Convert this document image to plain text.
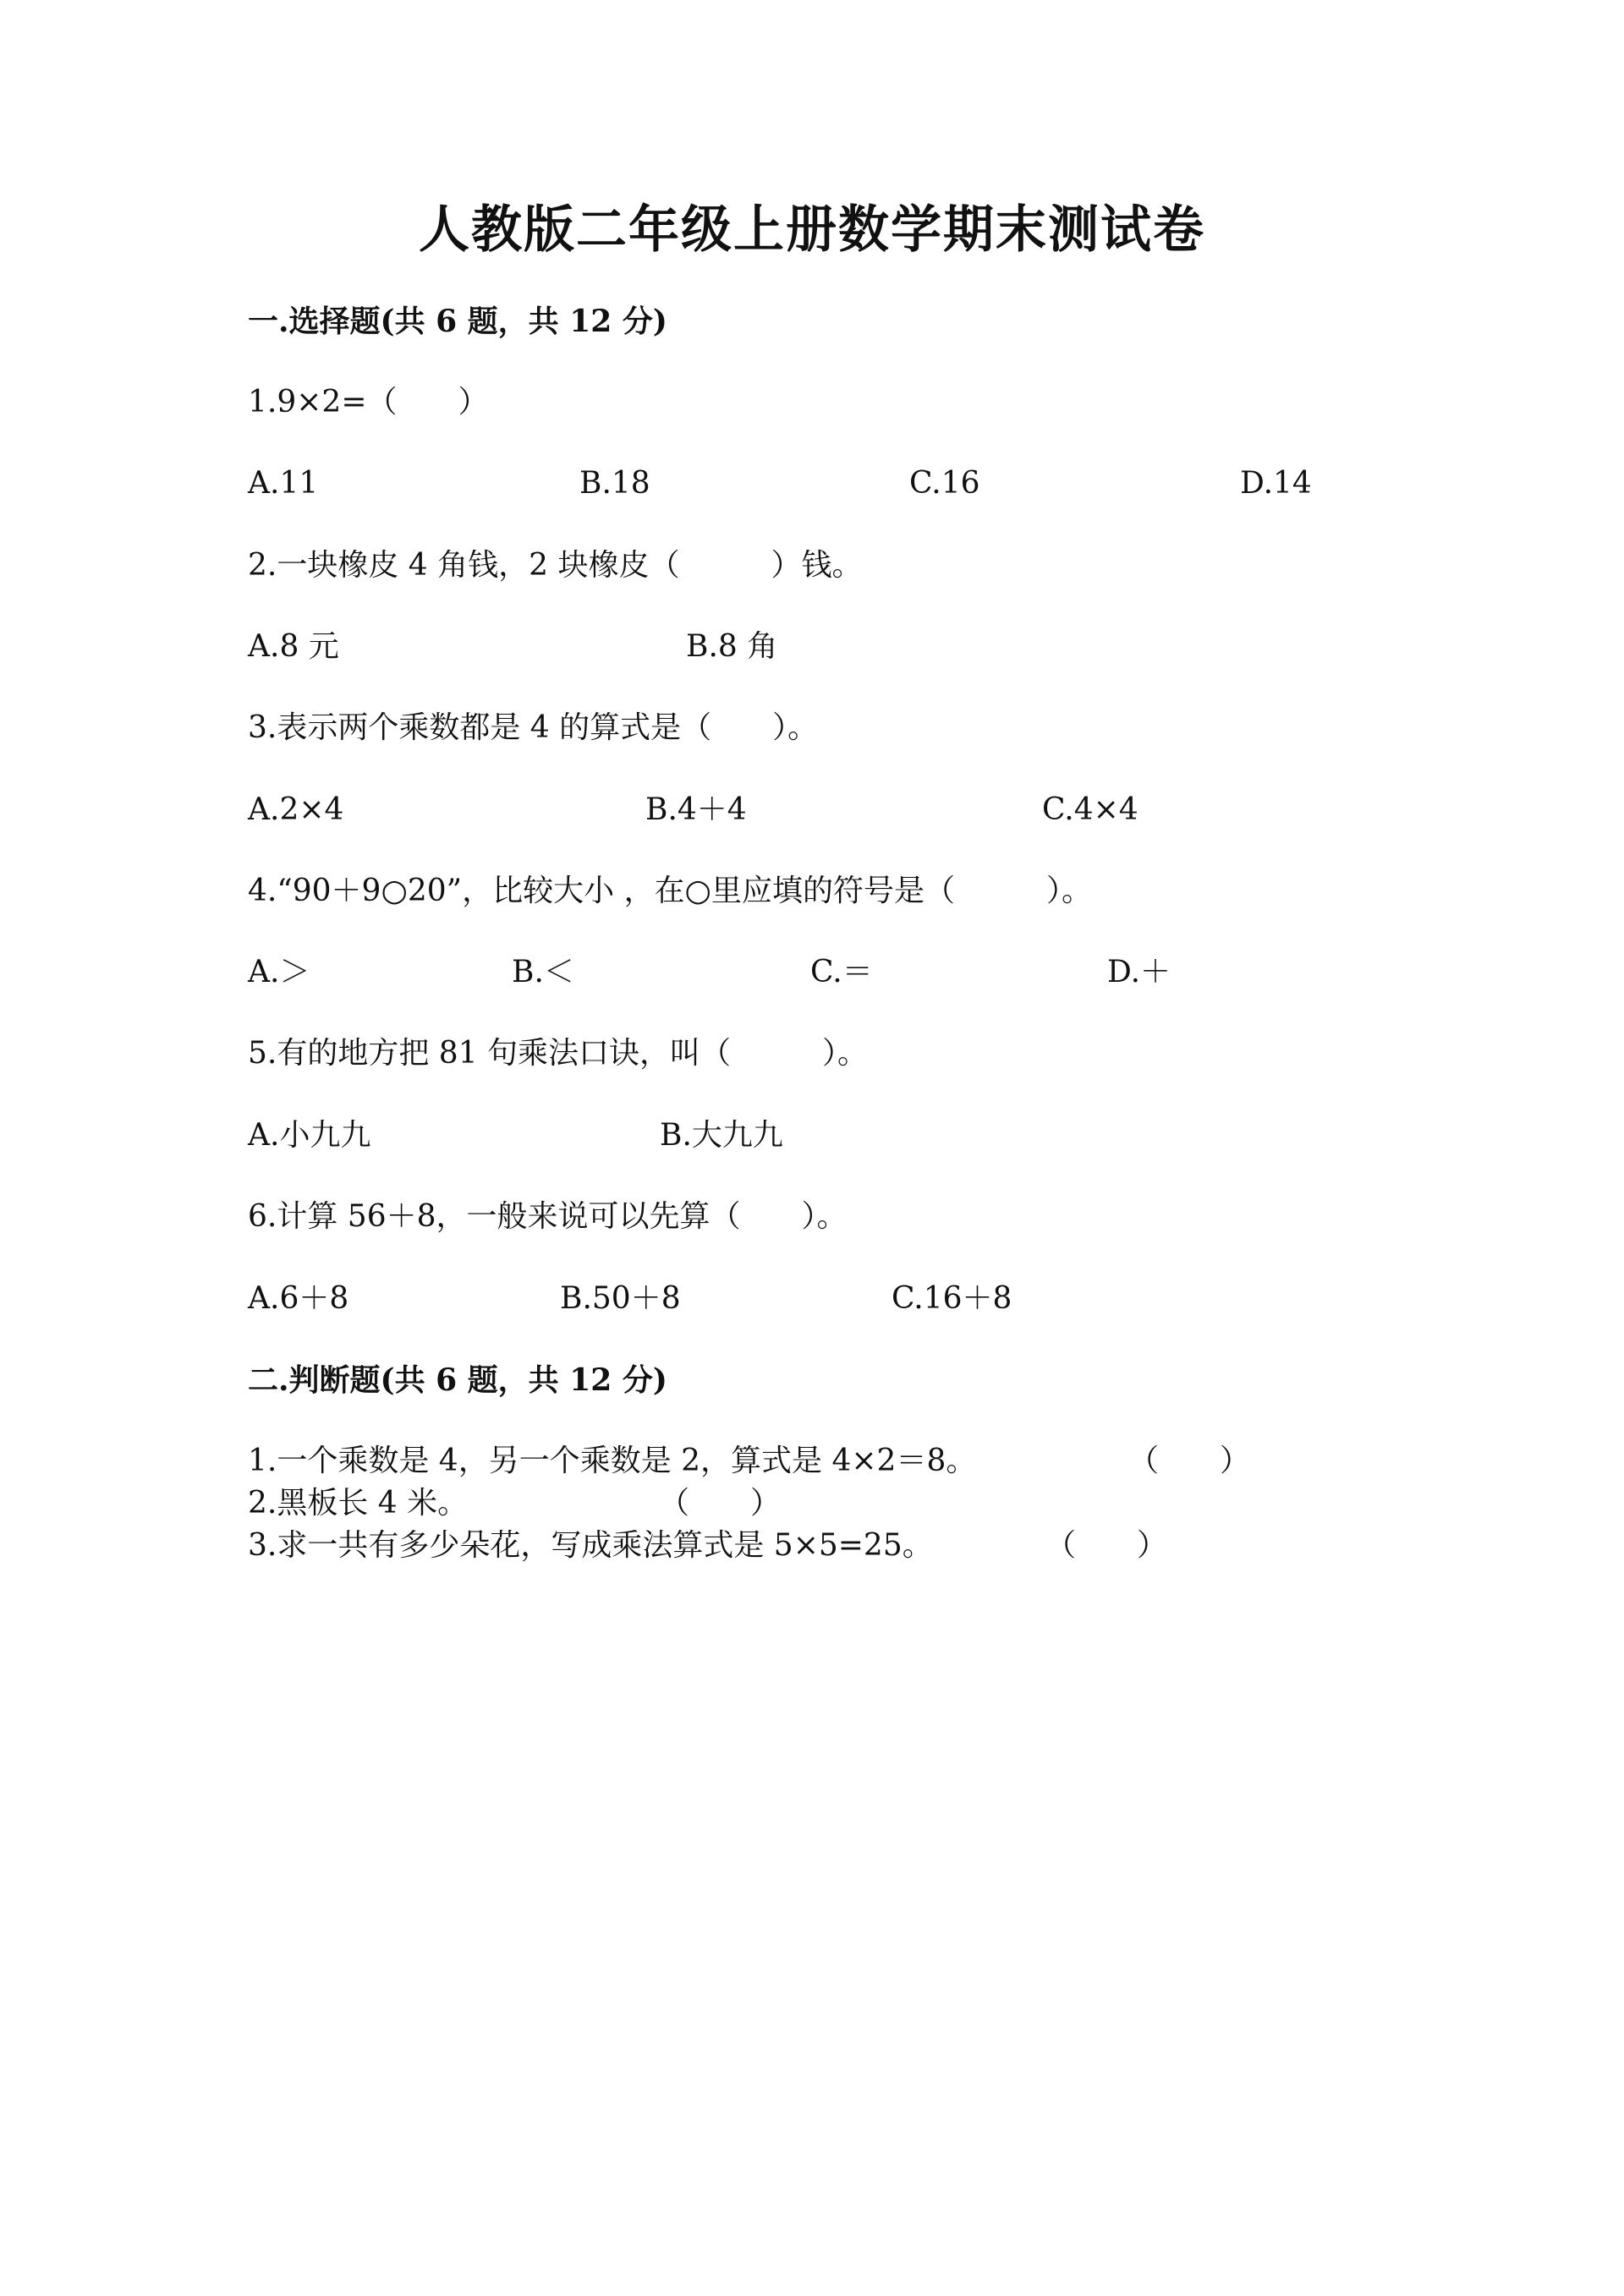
人教版二年级上册数学期末测试卷
一.选择题(共 6 题，共 12 分)
1.9×2=（　　）
A.11	B.18	C.16	D.14
2.一块橡皮 4 角钱，2 块橡皮（　　　）钱。
A.8 元	B.8 角
3.表示两个乘数都是 4 的算式是（　　）。
A.2×4	B.4＋4	C.4×4
4.“90＋9○20”，比较大小 ，在○里应填的符号是（　　　）。
A.＞	B.＜	C.＝	D.＋
5.有的地方把 81 句乘法口诀，叫（　　　）。
A.小九九	B.大九九
6.计算 56＋8，一般来说可以先算（　　）。
A.6＋8	B.50＋8	C.16＋8
二.判断题(共 6 题，共 12 分)
1.一个乘数是 4，另一个乘数是 2，算式是 4×2＝8。	（　　）
2.黑板长 4 米。	（　　）
3.求一共有多少朵花，写成乘法算式是 5×5=25。	（　　）
